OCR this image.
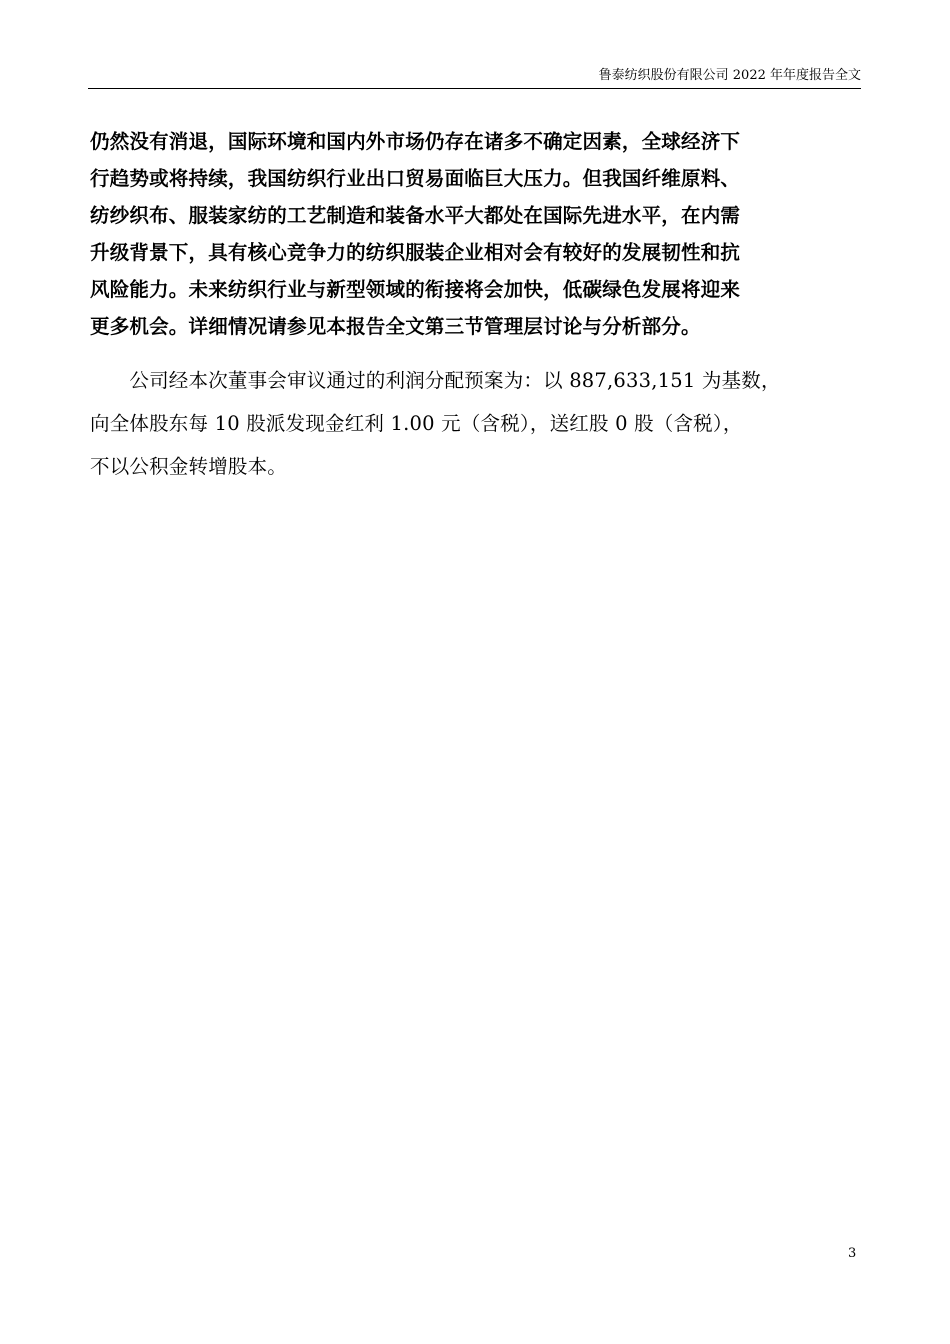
鲁泰纺织股份有限公司 2022 年年度报告全文
仍然没有消退，国际环境和国内外市场仍存在诸多不确定因素，全球经济下
行趋势或将持续，我国纺织行业出口贸易面临巨大压力。但我国纤维原料、
纺纱织布、服装家纺的工艺制造和装备水平大都处在国际先进水平，在内需
升级背景下，具有核心竞争力的纺织服装企业相对会有较好的发展韧性和抗
风险能力。未来纺织行业与新型领域的衔接将会加快，低碳绿色发展将迎来
更多机会。详细情况请参见本报告全文第三节管理层讨论与分析部分。
　　公司经本次董事会审议通过的利润分配预案为：以 887,633,151 为基数，
向全体股东每 10 股派发现金红利 1.00 元（含税），送红股 0 股（含税），
不以公积金转增股本。
3
